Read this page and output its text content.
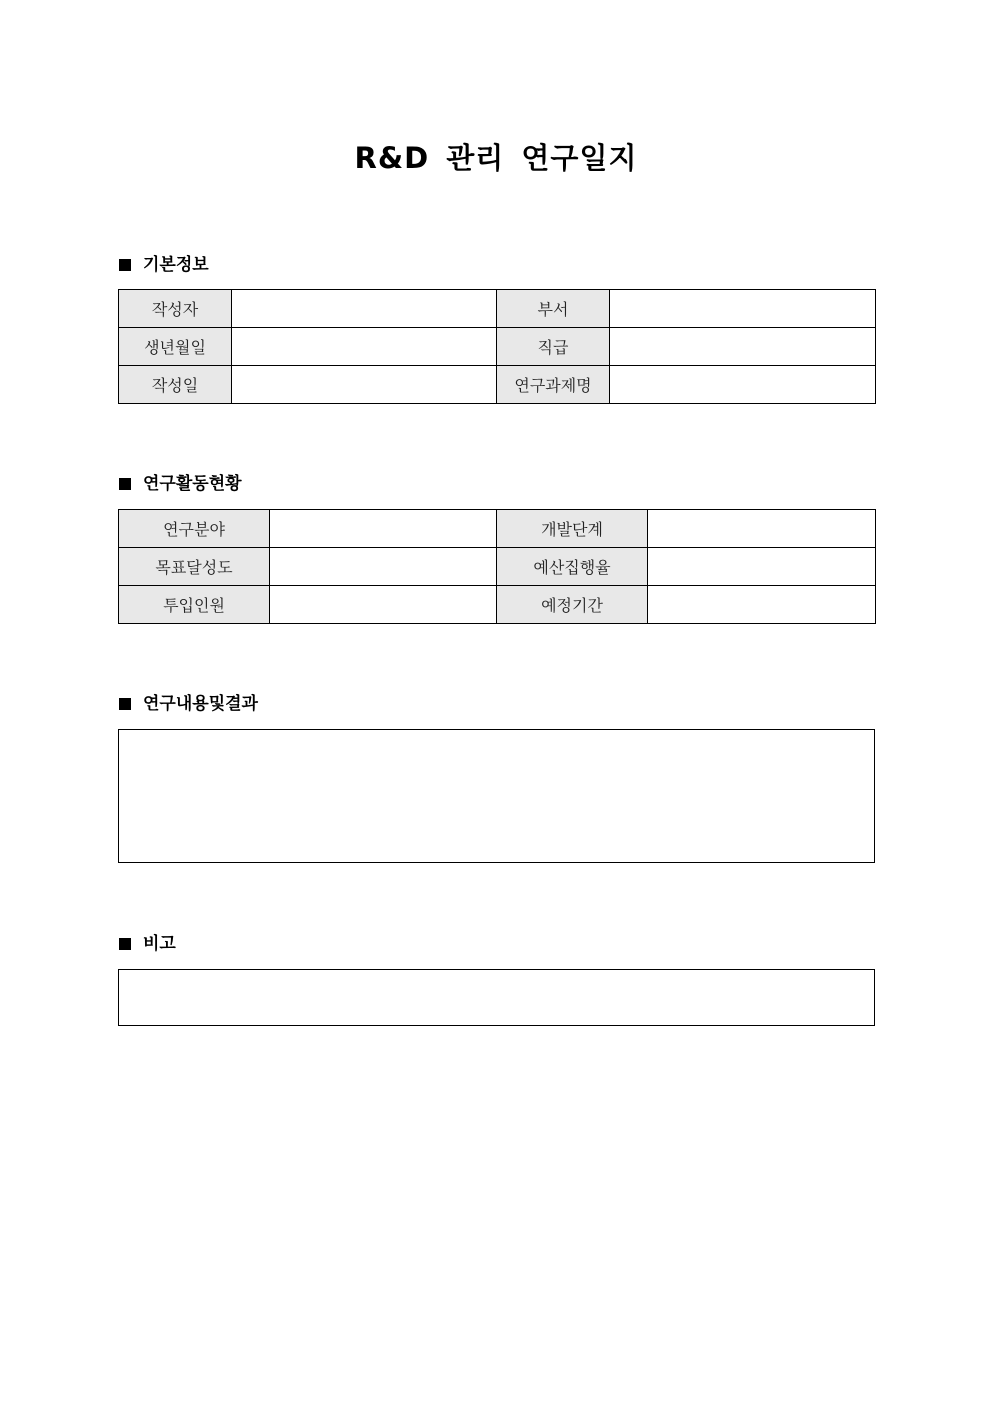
R&D 관리 연구일지
기본정보
작성자		부서	
생년월일		직급	
작성일		연구과제명	
연구활동현황
연구분야		개발단계	
목표달성도		예산집행율	
투입인원		예정기간	
연구내용및결과
비고
